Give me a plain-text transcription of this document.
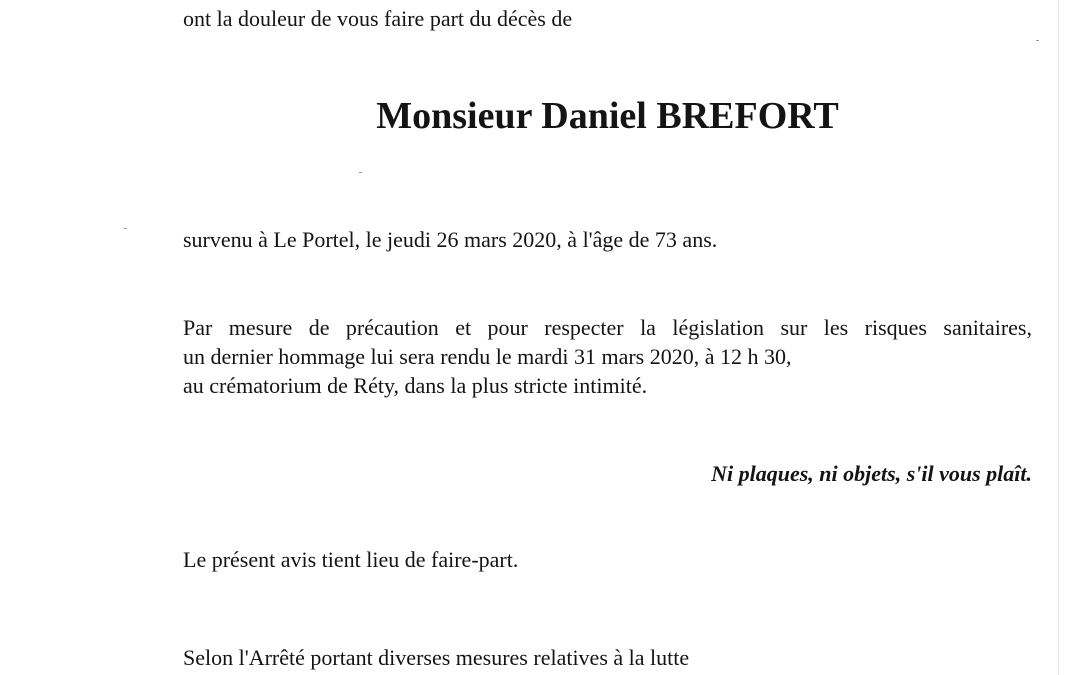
ont la douleur de vous faire part du décès de
Monsieur Daniel BREFORT
survenu à Le Portel, le jeudi 26 mars 2020, à l'âge de 73 ans.
Par mesure de précaution et pour respecter la législation sur les risques sanitaires,
un dernier hommage lui sera rendu le mardi 31 mars 2020, à 12 h 30,
au crématorium de Réty, dans la plus stricte intimité.
Ni plaques, ni objets, s'il vous plaît.
Le présent avis tient lieu de faire-part.
Selon l'Arrêté portant diverses mesures relatives à la lutte
